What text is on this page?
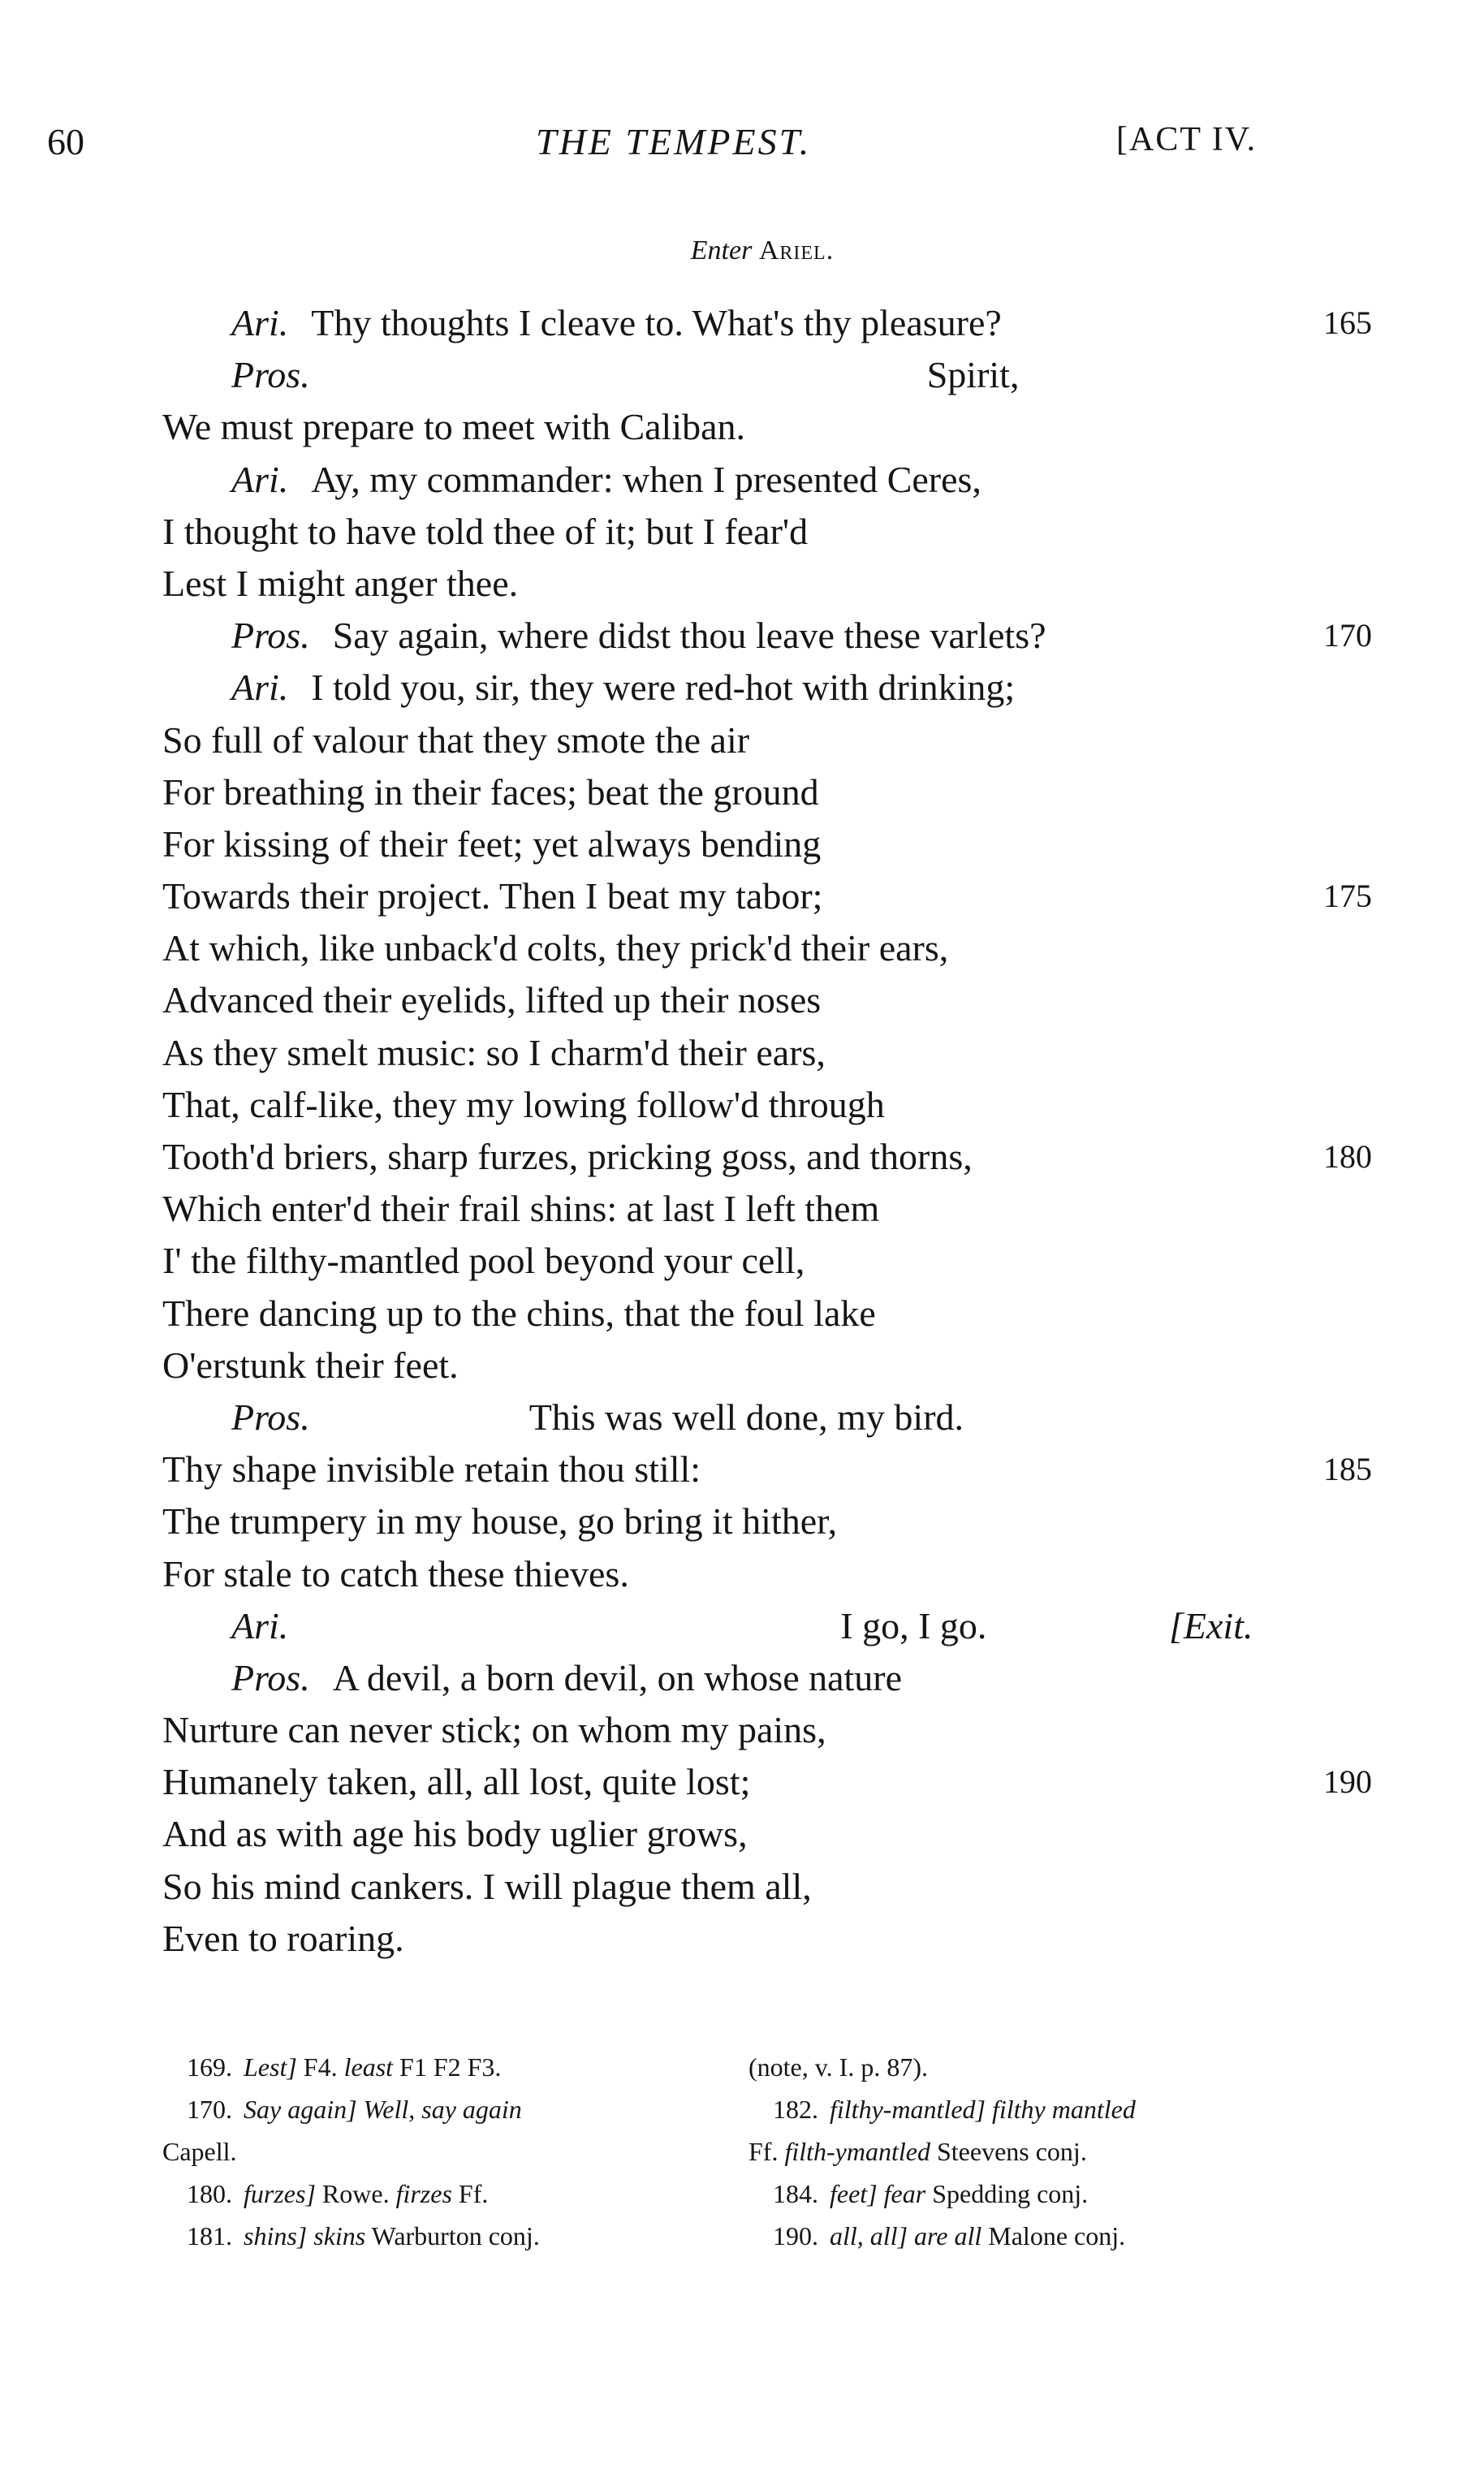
60	THE TEMPEST.	[ACT IV.
Enter Ariel.
Ari. Thy thoughts I cleave to. What's thy pleasure?	165
Pros.	Spirit,
We must prepare to meet with Caliban.
Ari. Ay, my commander: when I presented Ceres,
I thought to have told thee of it; but I fear'd
Lest I might anger thee.
Pros. Say again, where didst thou leave these varlets?	170
Ari. I told you, sir, they were red-hot with drinking;
So full of valour that they smote the air
For breathing in their faces; beat the ground
For kissing of their feet; yet always bending
Towards their project. Then I beat my tabor;	175
At which, like unback'd colts, they prick'd their ears,
Advanced their eyelids, lifted up their noses
As they smelt music: so I charm'd their ears,
That, calf-like, they my lowing follow'd through
Tooth'd briers, sharp furzes, pricking goss, and thorns,	180
Which enter'd their frail shins: at last I left them
I' the filthy-mantled pool beyond your cell,
There dancing up to the chins, that the foul lake
O'erstunk their feet.
Pros.	This was well done, my bird.
Thy shape invisible retain thou still:	185
The trumpery in my house, go bring it hither,
For stale to catch these thieves.
Ari.	I go, I go.	[Exit.
Pros. A devil, a born devil, on whose nature
Nurture can never stick; on whom my pains,
Humanely taken, all, all lost, quite lost;	190
And as with age his body uglier grows,
So his mind cankers. I will plague them all,
Even to roaring.
169. Lest] F4. least F1 F2 F3.
170. Say again] Well, say again
Capell.
180. furzes] Rowe. firzes Ff.
181. shins] skins Warburton conj.
(note, v. I. p. 87).
182. filthy-mantled] filthy mantled
Ff. filth-ymantled Steevens conj.
184. feet] fear Spedding conj.
190. all, all] are all Malone conj.
